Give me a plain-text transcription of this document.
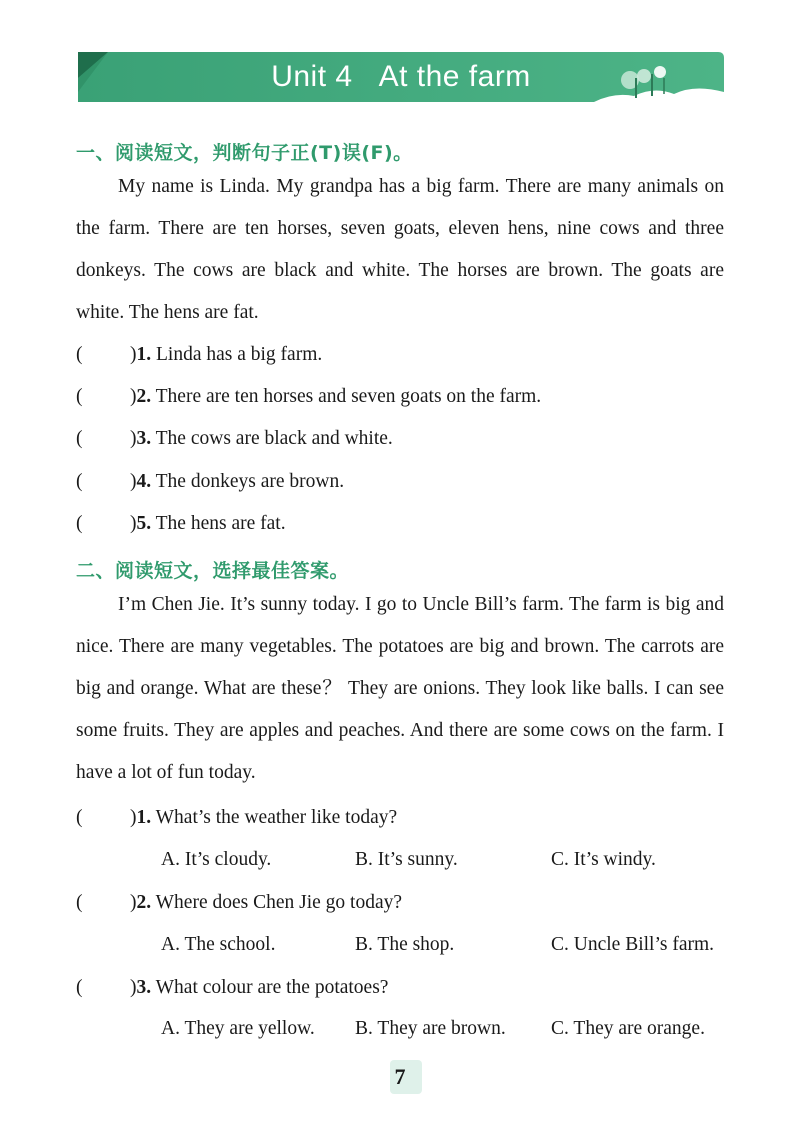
Unit 4 At the farm
一、阅读短文，判断句子正(T)误(F)。

My name is Linda. My grandpa has a big farm. There are many animals on the farm. There are ten horses, seven goats, eleven hens, nine cows and three donkeys. The cows are black and white. The horses are brown. The goats are white. The hens are fat.

( )1. Linda has a big farm.
( )2. There are ten horses and seven goats on the farm.
( )3. The cows are black and white.
( )4. The donkeys are brown.
( )5. The hens are fat.
二、阅读短文，选择最佳答案。

I’m Chen Jie. It’s sunny today. I go to Uncle Bill’s farm. The farm is big and nice. There are many vegetables. The potatoes are big and brown. The carrots are big and orange. What are these？ They are onions. They look like balls. I can see some fruits. They are apples and peaches. And there are some cows on the farm. I have a lot of fun today.

( )1. What’s the weather like today?
A. It’s cloudy.	B. It’s sunny.	C. It’s windy.
( )2. Where does Chen Jie go today?
A. The school.	B. The shop.	C. Uncle Bill’s farm.
( )3. What colour are the potatoes?
A. They are yellow. B. They are brown. C. They are orange.
7
